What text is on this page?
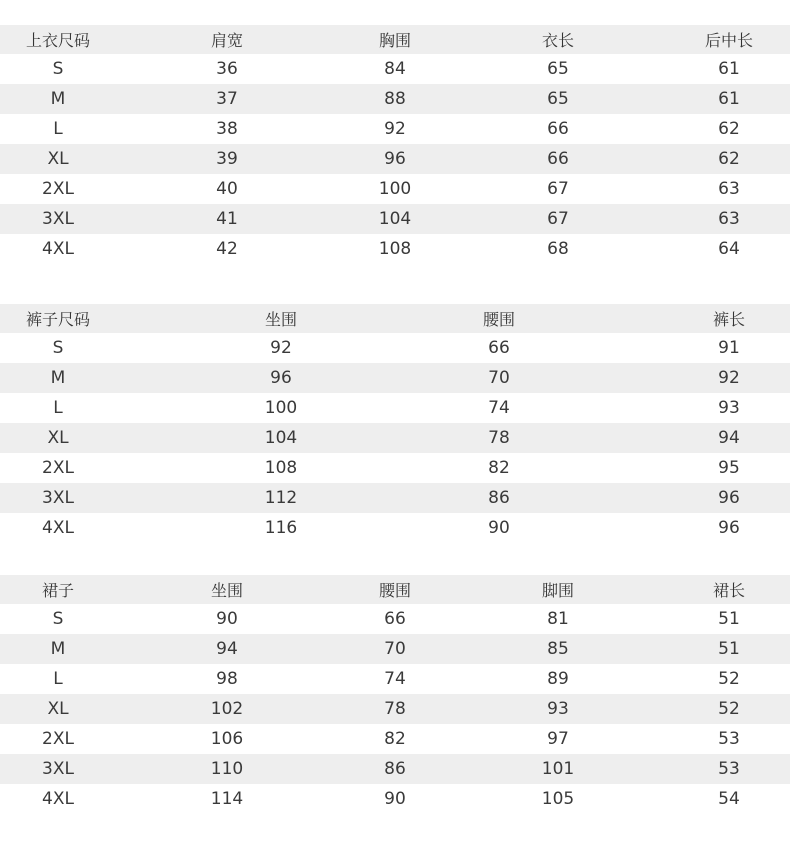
上衣尺码	肩宽	胸围	衣长	后中长
S	36	84	65	61
M	37	88	65	61
L	38	92	66	62
XL	39	96	66	62
2XL	40	100	67	63
3XL	41	104	67	63
4XL	42	108	68	64
裤子尺码	坐围	腰围	裤长
S	92	66	91
M	96	70	92
L	100	74	93
XL	104	78	94
2XL	108	82	95
3XL	112	86	96
4XL	116	90	96
裙子	坐围	腰围	脚围	裙长
S	90	66	81	51
M	94	70	85	51
L	98	74	89	52
XL	102	78	93	52
2XL	106	82	97	53
3XL	110	86	101	53
4XL	114	90	105	54
